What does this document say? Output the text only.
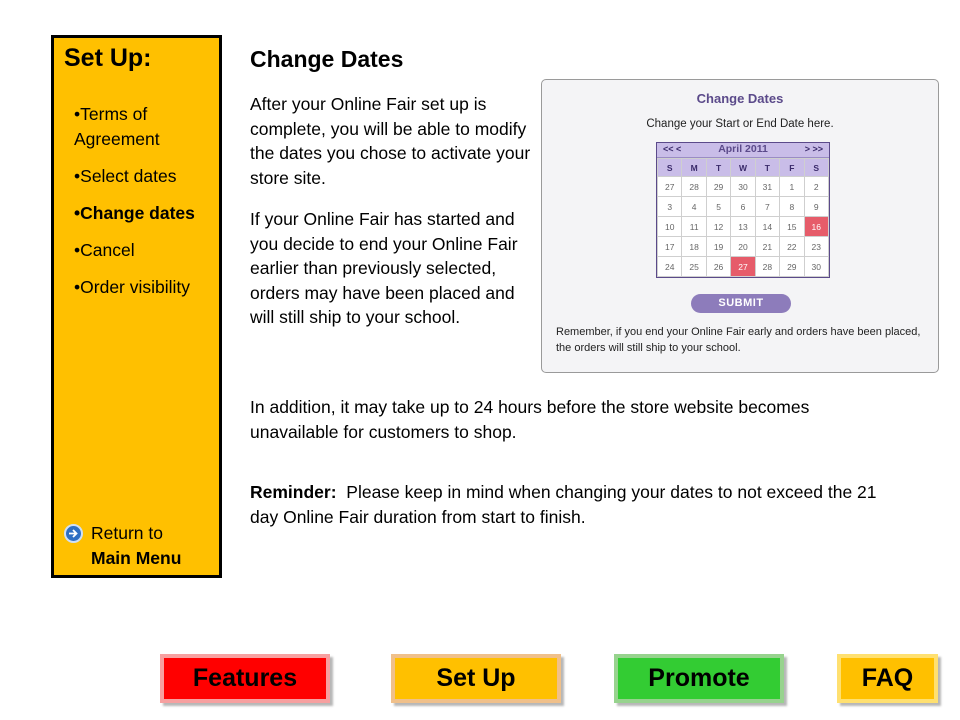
Set Up:
• Terms of Agreement
• Select dates
• Change dates
• Cancel
• Order visibility
Return to
Main Menu
Change Dates

After your Online Fair set up is complete, you will be able to modify the dates you chose to activate your store site.

If your Online Fair has started and you decide to end your Online Fair earlier than previously selected, orders may have been placed and will still ship to your school.

In addition, it may take up to 24 hours before the store website becomes unavailable for customers to shop.

Reminder: Please keep in mind when changing your dates to not exceed the 21 day Online Fair duration from start to finish.

Change Dates
Change your Start or End Date here.
April 2011
<< <	> >>
S	M	T	W	T	F	S
27	28	29	30	31	1	2
3	4	5	6	7	8	9
10	11	12	13	14	15	16
17	18	19	20	21	22	23
24	25	26	27	28	29	30
SUBMIT
Remember, if you end your Online Fair early and orders have been placed, the orders will still ship to your school.
Features	Set Up	Promote	FAQ
